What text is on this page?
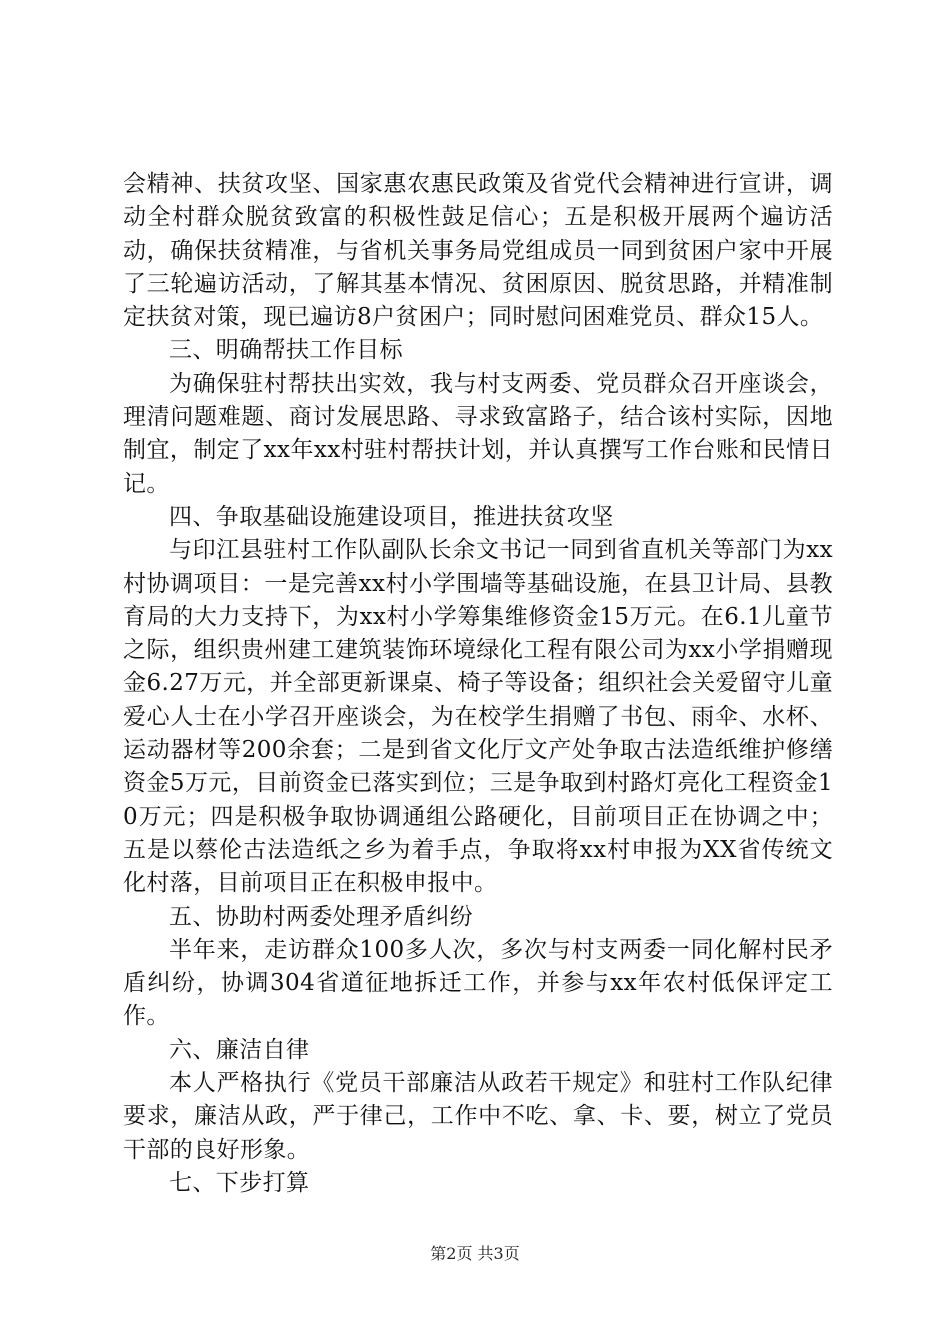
会精神、扶贫攻坚、国家惠农惠民政策及省党代会精神进行宣讲，调动全村群众脱贫致富的积极性鼓足信心；五是积极开展两个遍访活动，确保扶贫精准，与省机关事务局党组成员一同到贫困户家中开展了三轮遍访活动，了解其基本情况、贫困原因、脱贫思路，并精准制定扶贫对策，现已遍访8户贫困户；同时慰问困难党员、群众15人。

三、明确帮扶工作目标

为确保驻村帮扶出实效，我与村支两委、党员群众召开座谈会，理清问题难题、商讨发展思路、寻求致富路子，结合该村实际，因地制宜，制定了xx年xx村驻村帮扶计划，并认真撰写工作台账和民情日记。

四、争取基础设施建设项目，推进扶贫攻坚

与印江县驻村工作队副队长余文书记一同到省直机关等部门为xx村协调项目：一是完善xx村小学围墙等基础设施，在县卫计局、县教育局的大力支持下，为xx村小学筹集维修资金15万元。在6.1儿童节之际，组织贵州建工建筑装饰环境绿化工程有限公司为xx小学捐赠现金6.27万元，并全部更新课桌、椅子等设备；组织社会关爱留守儿童爱心人士在小学召开座谈会，为在校学生捐赠了书包、雨伞、水杯、运动器材等200余套；二是到省文化厅文产处争取古法造纸维护修缮资金5万元，目前资金已落实到位；三是争取到村路灯亮化工程资金10万元；四是积极争取协调通组公路硬化，目前项目正在协调之中；五是以蔡伦古法造纸之乡为着手点，争取将xx村申报为XX省传统文化村落，目前项目正在积极申报中。

五、协助村两委处理矛盾纠纷

半年来，走访群众100多人次，多次与村支两委一同化解村民矛盾纠纷，协调304省道征地拆迁工作，并参与xx年农村低保评定工作。

六、廉洁自律

本人严格执行《党员干部廉洁从政若干规定》和驻村工作队纪律要求，廉洁从政，严于律己，工作中不吃、拿、卡、要，树立了党员干部的良好形象。

七、下步打算

第2页 共3页
